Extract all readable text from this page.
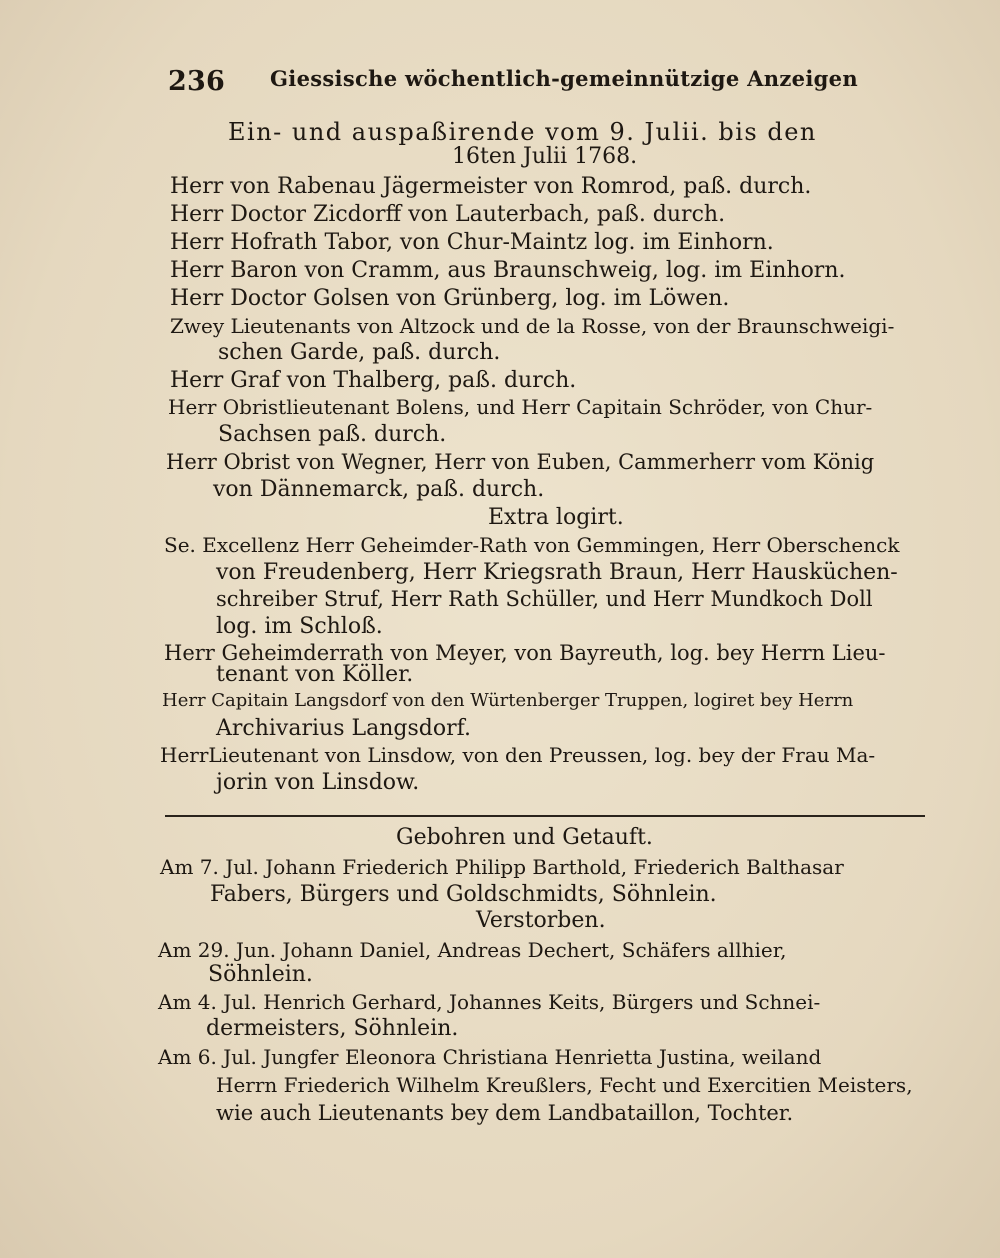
236 Giessische wöchentlich-gemeinnützige Anzeigen
Ein- und auspaßirende vom 9. Julii. bis den
16ten Julii 1768.
Herr von Rabenau Jägermeister von Romrod, paß. durch.
Herr Doctor Zicdorff von Lauterbach, paß. durch.
Herr Hofrath Tabor, von Chur-Maintz log. im Einhorn.
Herr Baron von Cramm, aus Braunschweig, log. im Einhorn.
Herr Doctor Golsen von Grünberg, log. im Löwen.
Zwey Lieutenants von Altzock und de la Rosse, von der Braunschweigi-
schen Garde, paß. durch.
Herr Graf von Thalberg, paß. durch.
Herr Obristlieutenant Bolens, und Herr Capitain Schröder, von Chur-
Sachsen paß. durch.
Herr Obrist von Wegner, Herr von Euben, Cammerherr vom König
von Dännemarck, paß. durch.
Extra logirt.
Se. Excellenz Herr Geheimder-Rath von Gemmingen, Herr Oberschenck
von Freudenberg, Herr Kriegsrath Braun, Herr Hausküchen-
schreiber Struf, Herr Rath Schüller, und Herr Mundkoch Doll
log. im Schloß.
Herr Geheimderrath von Meyer, von Bayreuth, log. bey Herrn Lieu-
tenant von Köller.
Herr Capitain Langsdorf von den Würtenberger Truppen, logiret bey Herrn
Archivarius Langsdorf.
HerrLieutenant von Linsdow, von den Preussen, log. bey der Frau Ma-
jorin von Linsdow.
Gebohren und Getauft.
Am 7. Jul. Johann Friederich Philipp Barthold, Friederich Balthasar
Fabers, Bürgers und Goldschmidts, Söhnlein.
Verstorben.
Am 29. Jun. Johann Daniel, Andreas Dechert, Schäfers allhier,
Söhnlein.
Am 4. Jul. Henrich Gerhard, Johannes Keits, Bürgers und Schnei-
dermeisters, Söhnlein.
Am 6. Jul. Jungfer Eleonora Christiana Henrietta Justina, weiland
Herrn Friederich Wilhelm Kreußlers, Fecht und Exercitien Meisters,
wie auch Lieutenants bey dem Landbataillon, Tochter.
